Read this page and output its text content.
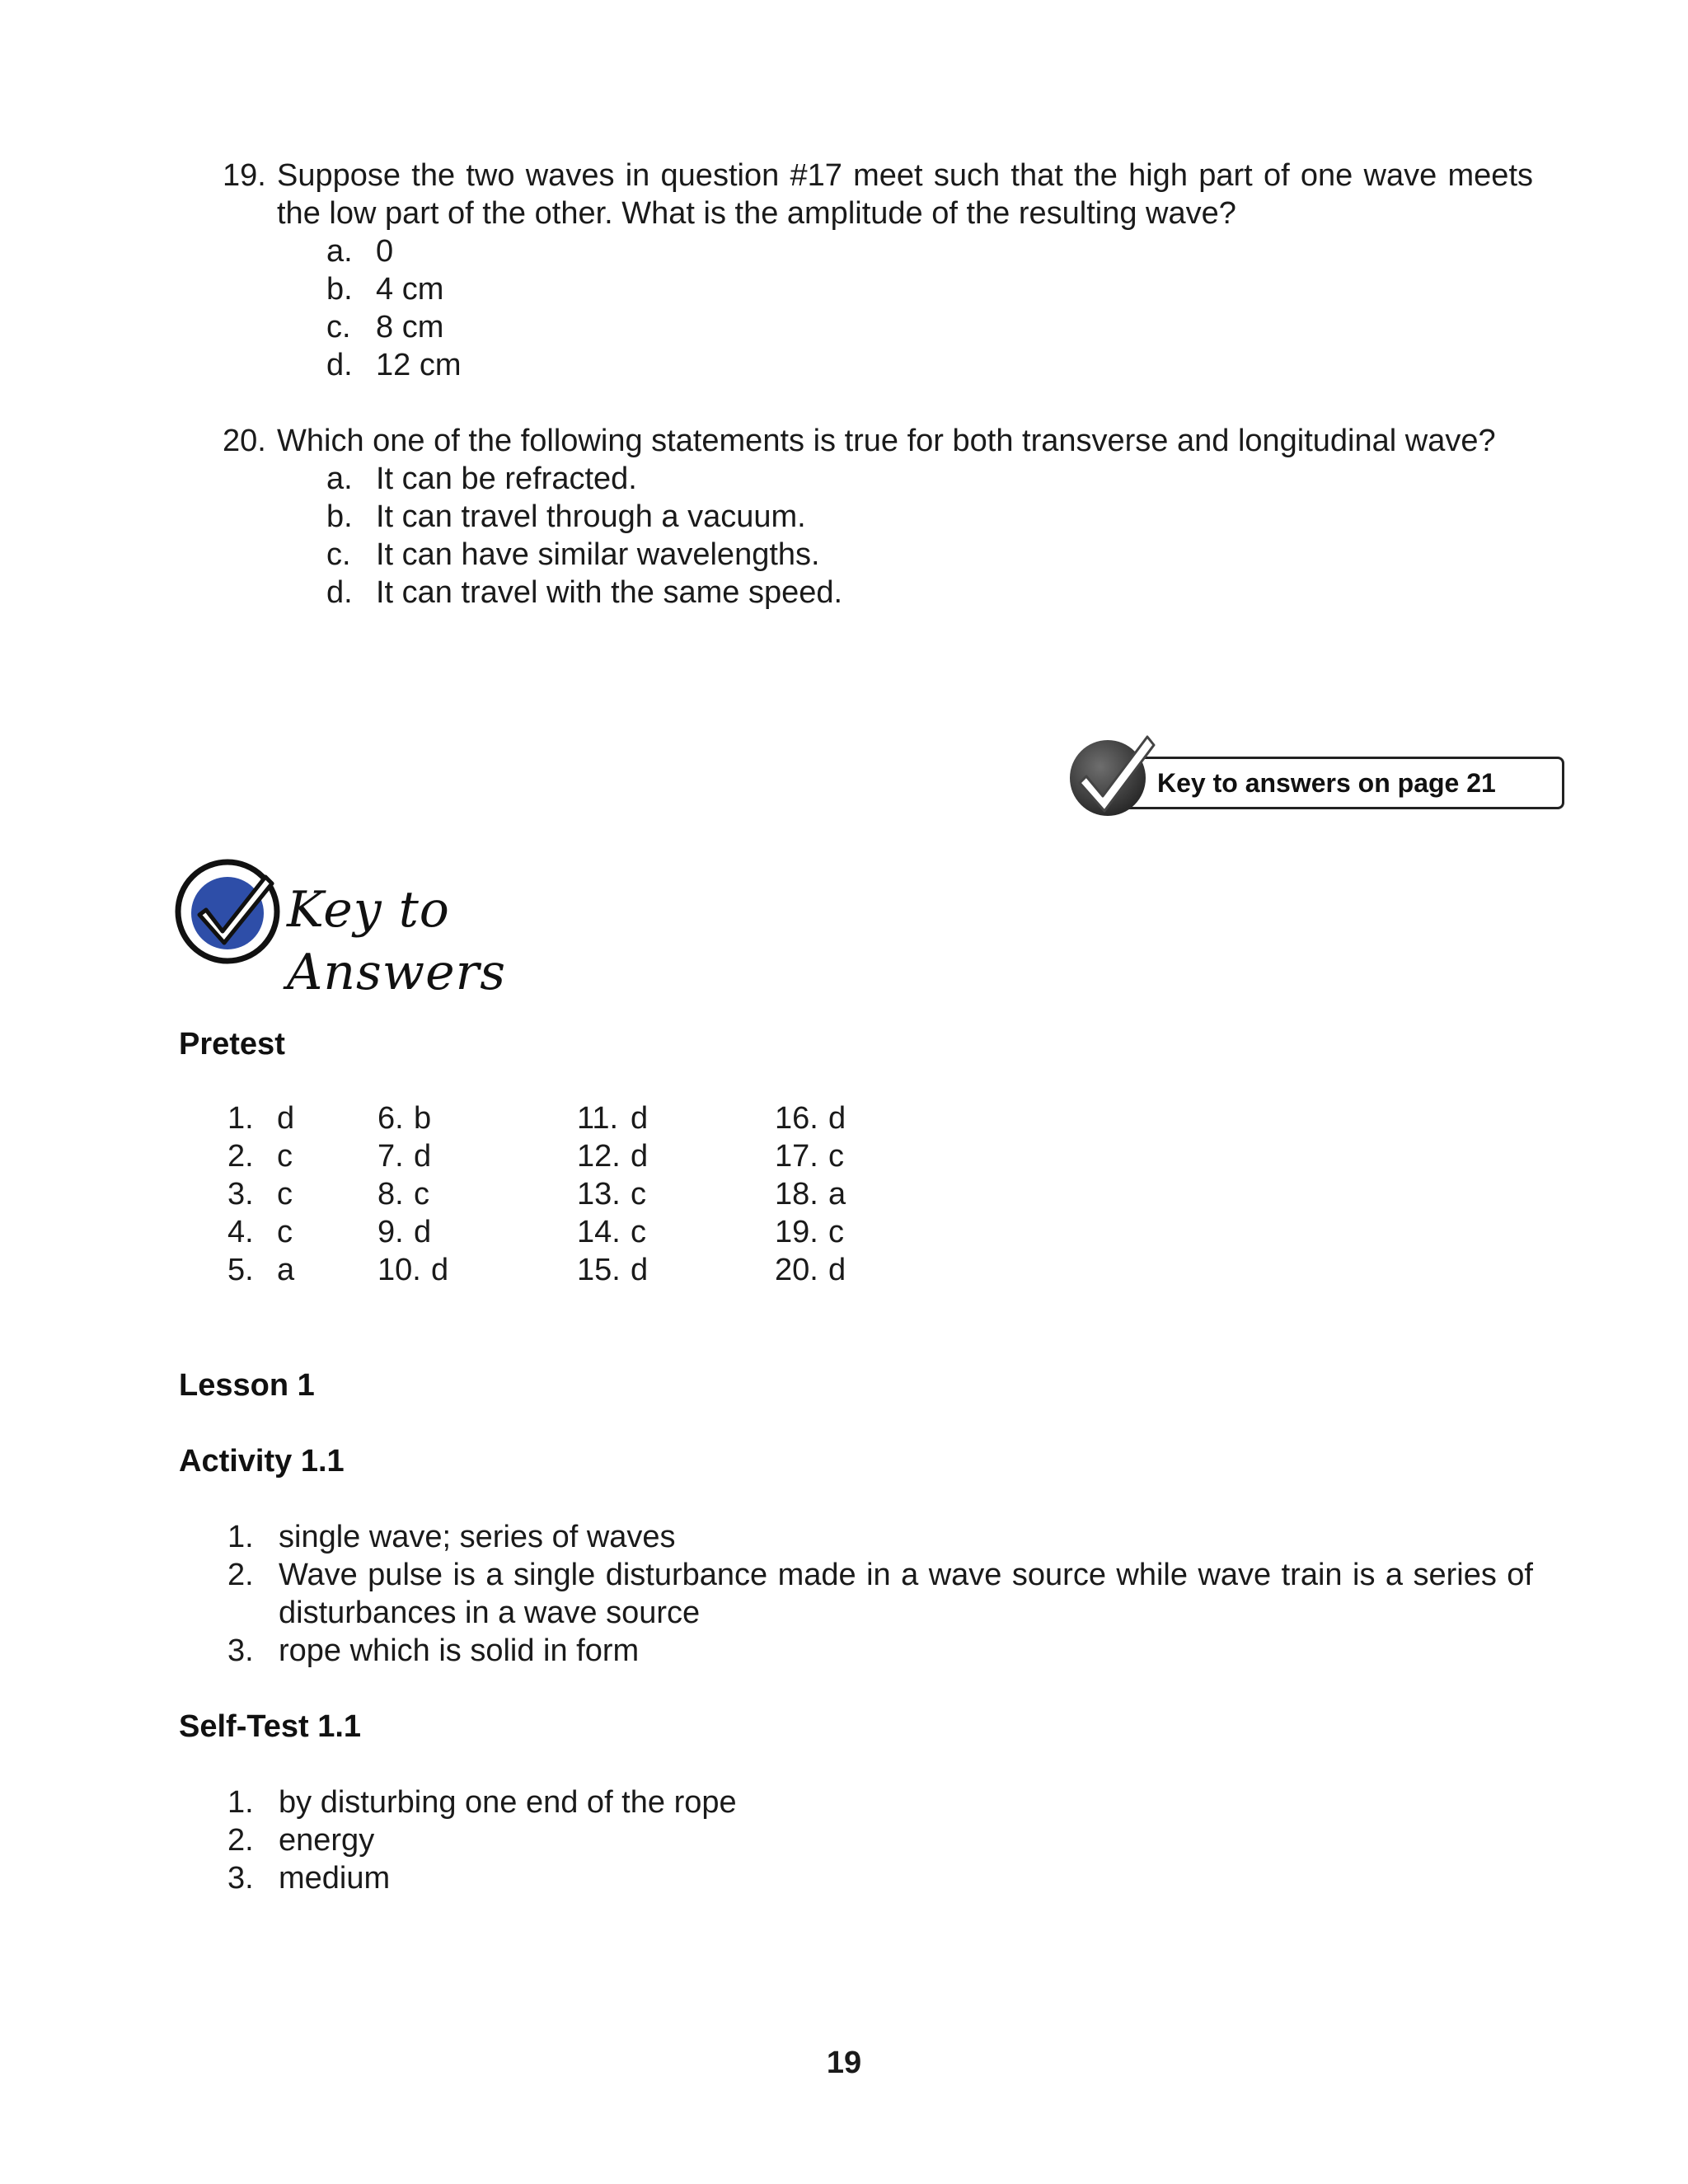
19. Suppose the two waves in question #17 meet such that the high part of one wave meets the low part of the other. What is the amplitude of the resulting wave?
a. 0
b. 4 cm
c. 8 cm
d. 12 cm
20. Which one of the following statements is true for both transverse and longitudinal wave?
a. It can be refracted.
b. It can travel through a vacuum.
c. It can have similar wavelengths.
d. It can travel with the same speed.
Key to answers on page 21
Key to Answers
Pretest
1. d
2. c
3. c
4. c
5. a
6. b
7. d
8. c
9. d
10. d
11. d
12. d
13. c
14. c
15. d
16. d
17. c
18. a
19. c
20. d
Lesson 1
Activity 1.1
1. single wave; series of waves
2. Wave pulse is a single disturbance made in a wave source while wave train is a series of disturbances in a wave source
3. rope which is solid in form
Self-Test 1.1
1. by disturbing one end of the rope
2. energy
3. medium
19
